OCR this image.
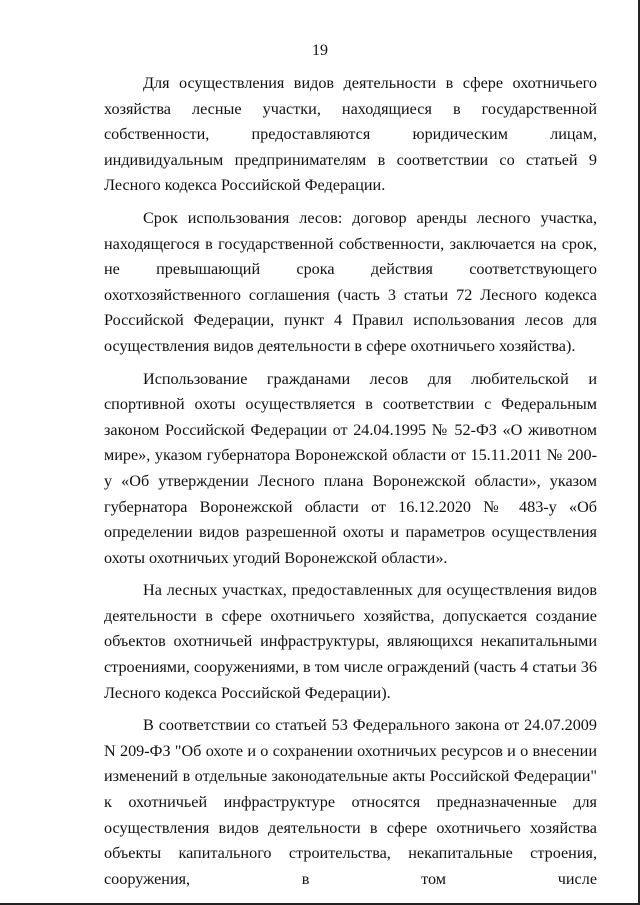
19

Для осуществления видов деятельности в сфере охотничьего хозяйства лесные участки, находящиеся в государственной собственности, предоставляются юридическим лицам, индивидуальным предпринимателям в соответствии со статьей 9 Лесного кодекса Российской Федерации.

Срок использования лесов: договор аренды лесного участка, находящегося в государственной собственности, заключается на срок, не превышающий срока действия соответствующего охотхозяйственного соглашения (часть 3 статьи 72 Лесного кодекса Российской Федерации, пункт 4 Правил использования лесов для осуществления видов деятельности в сфере охотничьего хозяйства).

Использование гражданами лесов для любительской и спортивной охоты осуществляется в соответствии с Федеральным законом Российской Федерации от 24.04.1995 № 52-ФЗ «О животном мире», указом губернатора Воронежской области от 15.11.2011 № 200-у «Об утверждении Лесного плана Воронежской области», указом губернатора Воронежской области от 16.12.2020 № 483-у «Об определении видов разрешенной охоты и параметров осуществления охоты охотничьих угодий Воронежской области».

На лесных участках, предоставленных для осуществления видов деятельности в сфере охотничьего хозяйства, допускается создание объектов охотничьей инфраструктуры, являющихся некапитальными строениями, сооружениями, в том числе ограждений (часть 4 статьи 36 Лесного кодекса Российской Федерации).

В соответствии со статьей 53 Федерального закона от 24.07.2009 N 209-ФЗ "Об охоте и о сохранении охотничьих ресурсов и о внесении изменений в отдельные законодательные акты Российской Федерации" к охотничьей инфраструктуре относятся предназначенные для осуществления видов деятельности в сфере охотничьего хозяйства объекты капитального строительства, некапитальные строения, сооружения, в том числе
